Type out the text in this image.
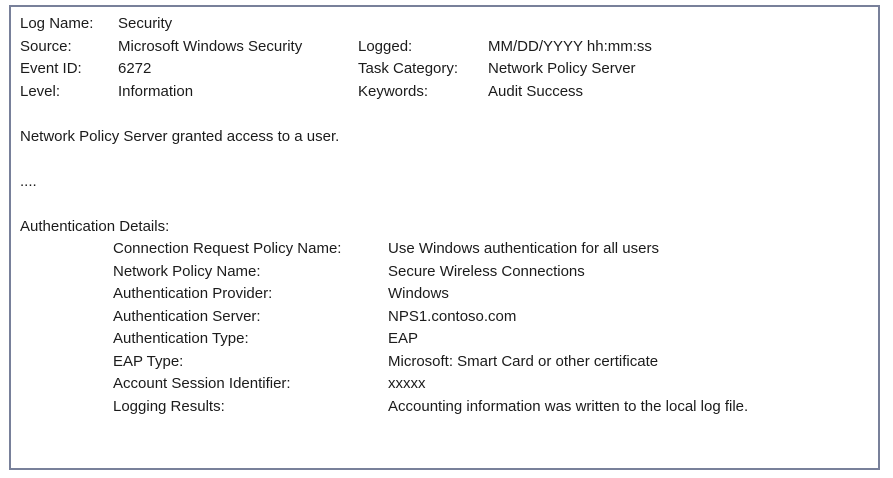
Log Name:	Security
Source:	Microsoft Windows Security	Logged:	MM/DD/YYYY hh:mm:ss
Event ID:	6272	Task Category:	Network Policy Server
Level:	Information	Keywords:	Audit Success

Network Policy Server granted access to a user.

....

Authentication Details:

Connection Request Policy Name:	Use Windows authentication for all users
Network Policy Name:	Secure Wireless Connections
Authentication Provider:	Windows
Authentication Server:	NPS1.contoso.com
Authentication Type:	EAP
EAP Type:	Microsoft: Smart Card or other certificate
Account Session Identifier:	xxxxx
Logging Results:	Accounting information was written to the local log file.
